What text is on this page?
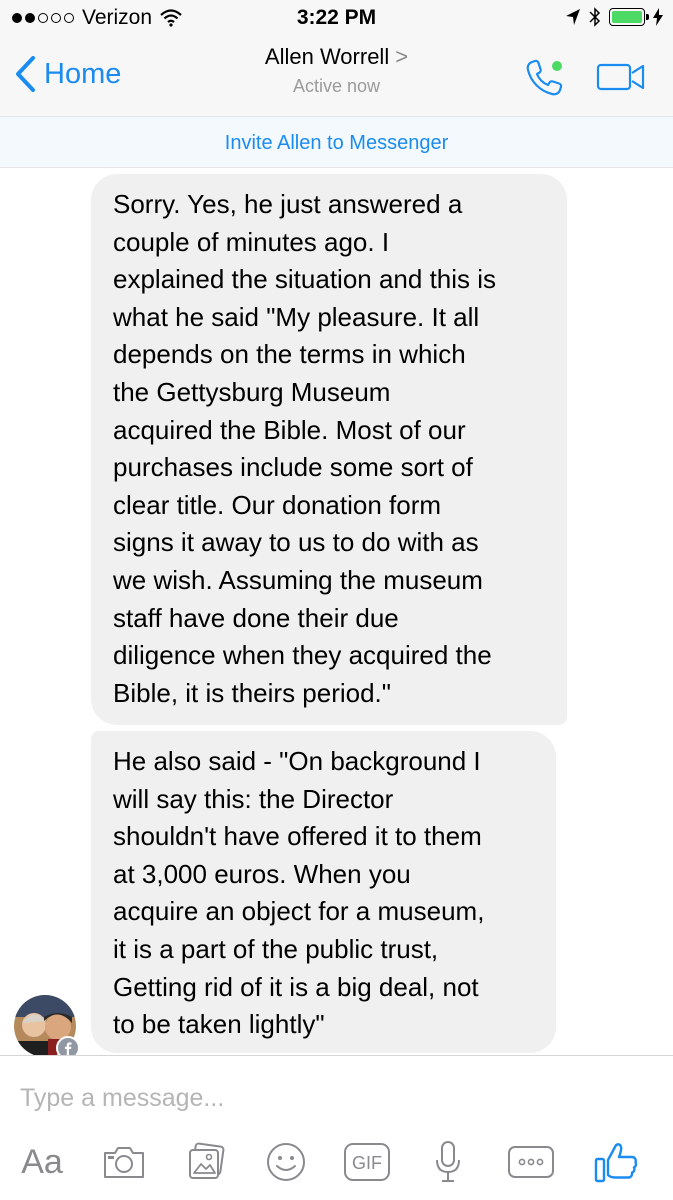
Verizon	3:22 PM
Home
Allen Worrell >
Active now
Invite Allen to Messenger
Sorry. Yes, he just answered a
couple of minutes ago. I
explained the situation and this is
what he said "My pleasure. It all
depends on the terms in which
the Gettysburg Museum
acquired the Bible. Most of our
purchases include some sort of
clear title. Our donation form
signs it away to us to do with as
we wish. Assuming the museum
staff have done their due
diligence when they acquired the
Bible, it is theirs period."
He also said - "On background I
will say this: the Director
shouldn't have offered it to them
at 3,000 euros. When you
acquire an object for a museum,
it is a part of the public trust,
Getting rid of it is a big deal, not
to be taken lightly"
Type a message...
Aa	GIF
